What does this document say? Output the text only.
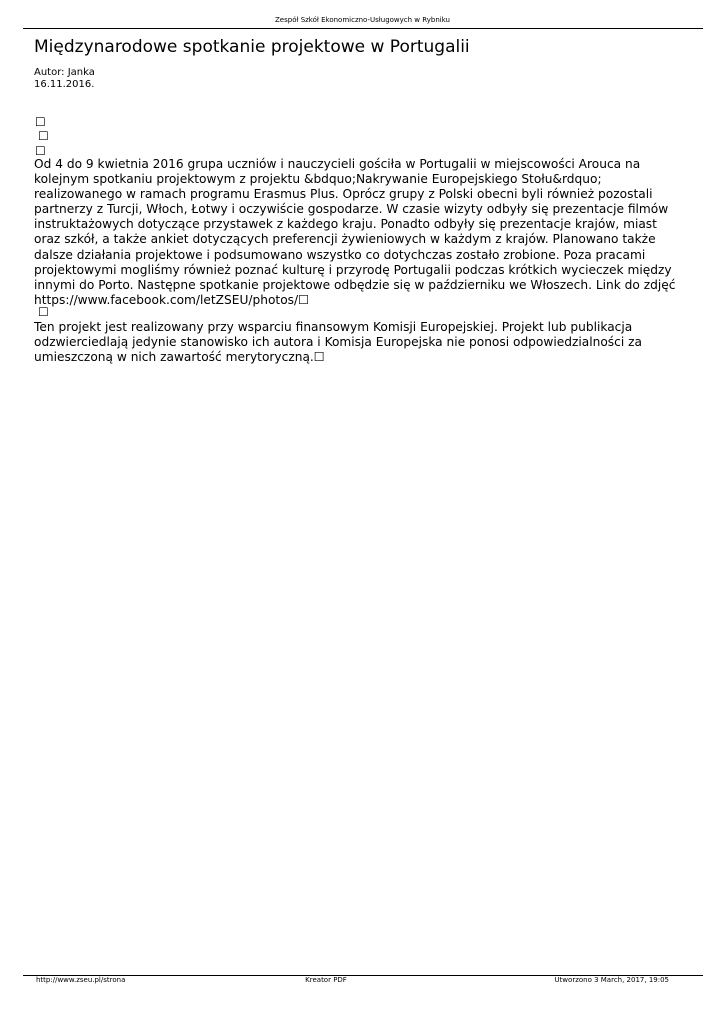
Zespół Szkół Ekonomiczno-Usługowych w Rybniku
Międzynarodowe spotkanie projektowe w Portugalii
Autor: Janka
16.11.2016.
☐
☐
☐
Od 4 do 9 kwietnia 2016 grupa uczniów i nauczycieli gościła w Portugalii w miejscowości Arouca na
kolejnym spotkaniu projektowym z projektu &bdquo;Nakrywanie Europejskiego Stołu&rdquo;
realizowanego w ramach programu Erasmus Plus. Oprócz grupy z Polski obecni byli również pozostali
partnerzy z Turcji, Włoch, Łotwy i oczywiście gospodarze. W czasie wizyty odbyły się prezentacje filmów
instruktażowych dotyczące przystawek z każdego kraju. Ponadto odbyły się prezentacje krajów, miast
oraz szkół, a także ankiet dotyczących preferencji żywieniowych w każdym z krajów. Planowano także
dalsze działania projektowe i podsumowano wszystko co dotychczas zostało zrobione. Poza pracami
projektowymi mogliśmy również poznać kulturę i przyrodę Portugalii podczas krótkich wycieczek między
innymi do Porto. Następne spotkanie projektowe odbędzie się w październiku we Włoszech. Link do zdjęć
https://www.facebook.com/letZSEU/photos/☐
☐
Ten projekt jest realizowany przy wsparciu finansowym Komisji Europejskiej. Projekt lub publikacja
odzwierciedlają jedynie stanowisko ich autora i Komisja Europejska nie ponosi odpowiedzialności za
umieszczoną w nich zawartość merytoryczną.☐
http://www.zseu.pl/strona	Kreator PDF	Utworzono 3 March, 2017, 19:05
